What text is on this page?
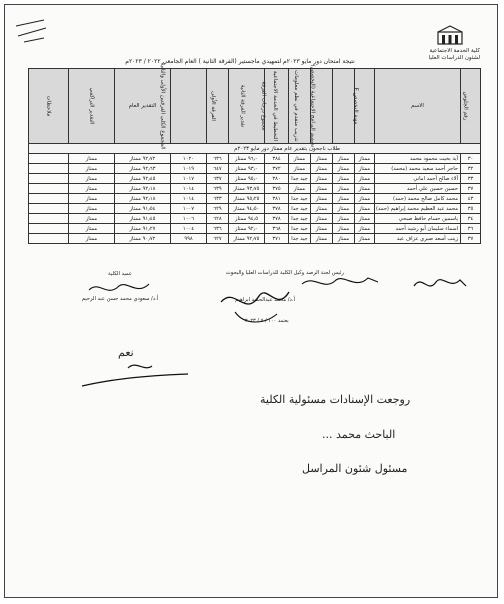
كلية الخدمة الاجتماعية
لشئون الدراسات العليا
نتيجة امتحان دور مايو ٢٠٢٣م لتمهيدي ماجستير (الفرقة الثانية ) العام الجامعي ٢٠٢٢ / ٢٠٢٣م
رقم الجلوس	الاسم	مهنة التخصص E	تصميم البرامج الاجتماعية (التخصص)	تدريب متقدم في نظم معلومات	التخطيط في الخدمة الاجتماعية	مجموع درجات الفرقة	تقدير الفرقة الثانية	الفرقة الأولى	المجموع الكلي الفرقتين الأولى والثانية	التقدير العام	التقدير التراكمي	ملاحظات
طلاب ناجحون بتقدير عام ممتاز دور مايو ٢٠٢٣م												
٣٠	آية بخيت محمود محمد	ممتاز	ممتاز	ممتاز	ممتاز	٣٨٤	٩٦٫٠ ممتاز	٦٣٦	١٠٢٠	٩٢٫٧٢ ممتاز	ممتاز	
٣٢	حاجر أحمد سعيد محمد (محمد)	ممتاز	ممتاز	ممتاز	ممتاز	٣٧٢	٩٣٫٠ ممتاز	٦٤٧	١٠١٩	٩٢٫٦٣ ممتاز	ممتاز	
٣٣	آلاء صالح أحمد اماني	ممتاز	ممتاز	ممتاز	جيد جدا	٣٨٠	٩٥٫٠ ممتاز	٦٣٧	١٠١٧	٩٢٫٤٥ ممتاز	ممتاز	
٣٧	حسين حسين علي أحمد	ممتاز	ممتاز	ممتاز	ممتاز	٣٧٥	٩٣٫٧٥ ممتاز	٦٣٩	١٠١٤	٩٢٫١٨ ممتاز	ممتاز	
٤٣	محمد كامل صالح محمد (حمد)	ممتاز	ممتاز	ممتاز	جيد جدا	٣٨١	٩٥٫٢٥ ممتاز	٦٣٣	١٠١٤	٩٢٫١٨ ممتاز	ممتاز	
٣٥	محمد عبد العظيم محمد إبراهيم (حمد)	ممتاز	ممتاز	ممتاز	جيد جدا	٣٧٨	٩٤٫٥٠ ممتاز	٦٢٩	١٠٠٧	٩١٫٥٤ ممتاز	ممتاز	
٣٤	ياسمين حسام حافظ صبحي	ممتاز	ممتاز	ممتاز	جيد جدا	٣٧٨	٩٤٫٥ ممتاز	٦٢٨	١٠٠٦	٩١٫٤٥ ممتاز	ممتاز	
٣٦	اسماء سليمان أبو رشيد أحمد	ممتاز	ممتاز	ممتاز	جيد جدا	٣٦٨	٩٢٫٠ ممتاز	٦٣٦	١٠٠٤	٩١٫٢٧ ممتاز	ممتاز	
٣٧	زينب أسعد صبري عزاف عبد	ممتاز	ممتاز	ممتاز	جيد جدا	٣٧١	٩٢٫٧٥ ممتاز	٦٢٧	٩٩٨	٩٠٫٧٢ ممتاز	ممتاز	
رئيس لجنة الرصد
وكيل الكلية للدراسات العليا والبحوث
أ.د/ محمد عبدالحميد ابراهيم
عميد الكلية
أ.د/ سعودي محمد حسن عبد الرحيم
يعتمد ١٠٠ / ٧ / ٢٠٢٣
نعم
روجعت الإسنادات مسئولية الكلية
الباحث محمد ...
مسئول شئون المراسل
